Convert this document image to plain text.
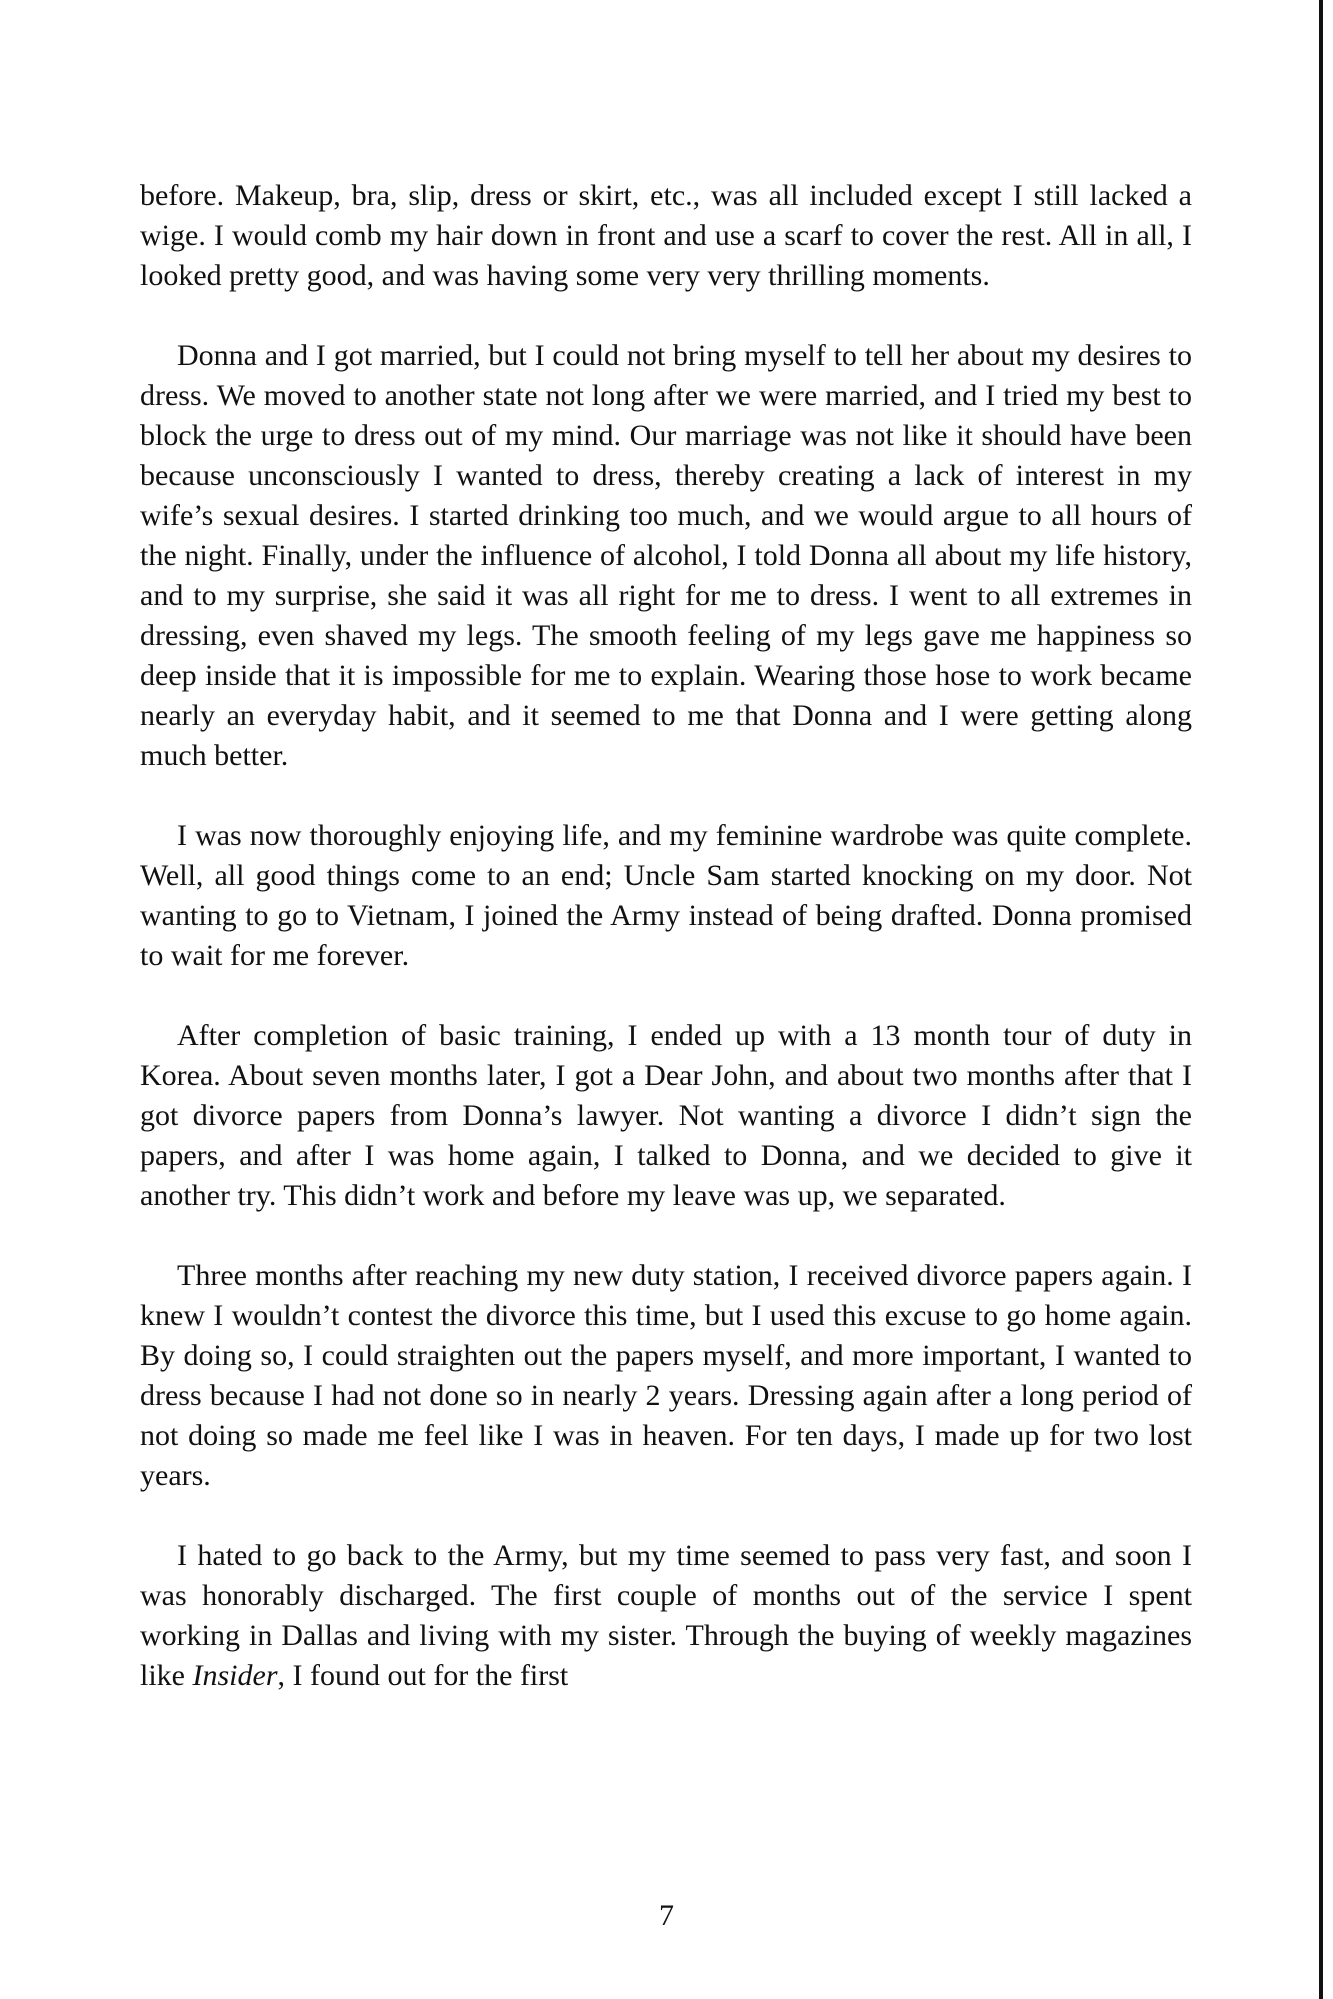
before. Makeup, bra, slip, dress or skirt, etc., was all included except I still lacked a wige. I would comb my hair down in front and use a scarf to cover the rest. All in all, I looked pretty good, and was having some very very thrilling moments.

Donna and I got married, but I could not bring myself to tell her about my desires to dress. We moved to another state not long after we were married, and I tried my best to block the urge to dress out of my mind. Our marriage was not like it should have been because unconsciously I wanted to dress, thereby creating a lack of interest in my wife’s sexual desires. I started drinking too much, and we would argue to all hours of the night. Finally, under the influence of alcohol, I told Donna all about my life history, and to my surprise, she said it was all right for me to dress. I went to all extremes in dressing, even shaved my legs. The smooth feeling of my legs gave me happiness so deep inside that it is impossible for me to explain. Wearing those hose to work became nearly an everyday habit, and it seemed to me that Donna and I were getting along much better.

I was now thoroughly enjoying life, and my feminine wardrobe was quite complete. Well, all good things come to an end; Uncle Sam started knocking on my door. Not wanting to go to Vietnam, I joined the Army instead of being drafted. Donna promised to wait for me forever.

After completion of basic training, I ended up with a 13 month tour of duty in Korea. About seven months later, I got a Dear John, and about two months after that I got divorce papers from Donna’s lawyer. Not wanting a divorce I didn’t sign the papers, and after I was home again, I talked to Donna, and we decided to give it another try. This didn’t work and before my leave was up, we separated.

Three months after reaching my new duty station, I received divorce papers again. I knew I wouldn’t contest the divorce this time, but I used this excuse to go home again. By doing so, I could straighten out the papers myself, and more important, I wanted to dress because I had not done so in nearly 2 years. Dressing again after a long period of not doing so made me feel like I was in heaven. For ten days, I made up for two lost years.

I hated to go back to the Army, but my time seemed to pass very fast, and soon I was honorably discharged. The first couple of months out of the service I spent working in Dallas and living with my sister. Through the buying of weekly magazines like Insider, I found out for the first

7
